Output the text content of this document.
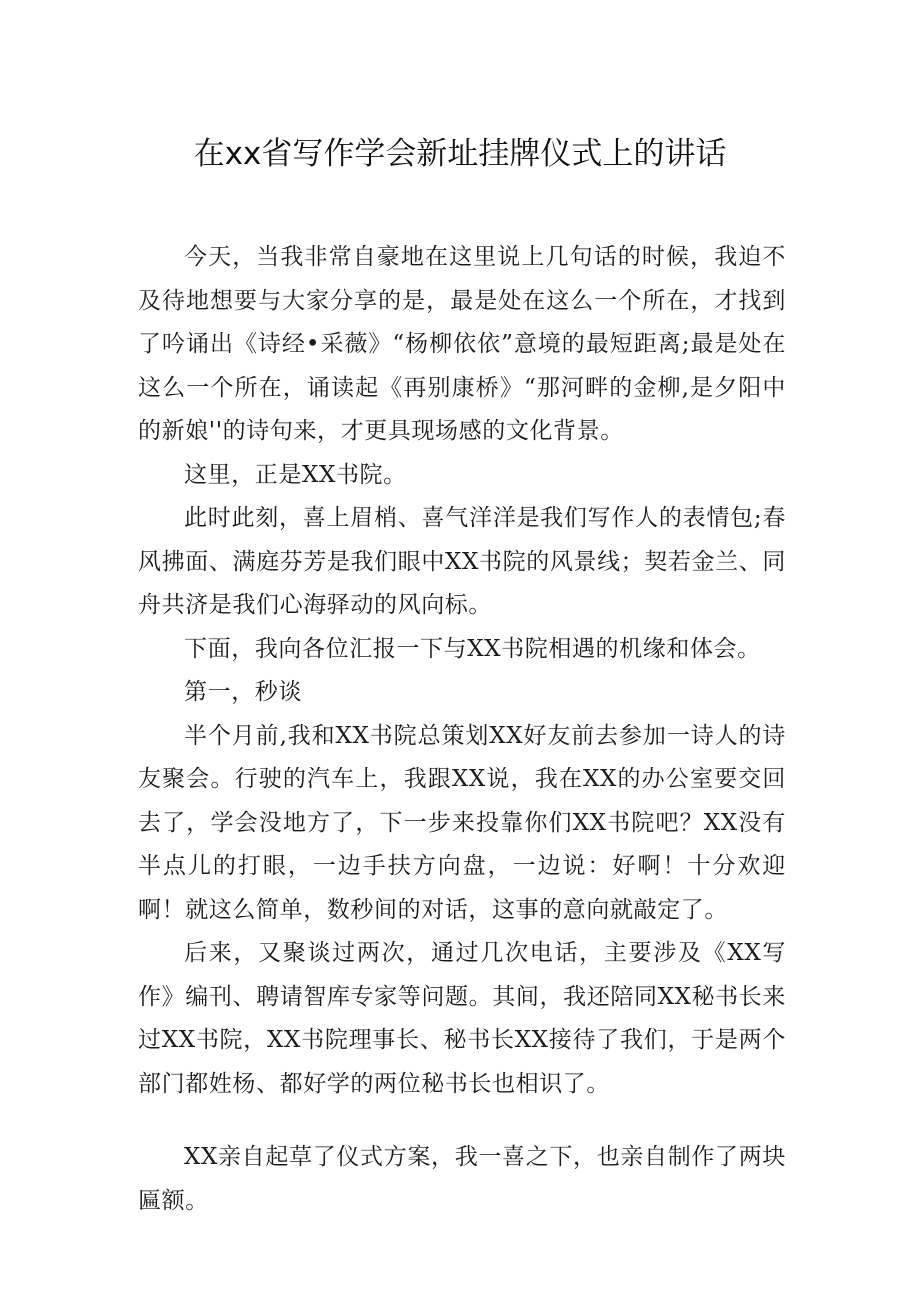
在xx省写作学会新址挂牌仪式上的讲话

今天，当我非常自豪地在这里说上几句话的时候，我迫不及待地想要与大家分享的是，最是处在这么一个所在，才找到了吟诵出《诗经•采薇》“杨柳依依”意境的最短距离;最是处在这么一个所在，诵读起《再别康桥》“那河畔的金柳,是夕阳中的新娘''的诗句来，才更具现场感的文化背景。

这里，正是XX书院。

此时此刻，喜上眉梢、喜气洋洋是我们写作人的表情包;春风拂面、满庭芬芳是我们眼中XX书院的风景线；契若金兰、同舟共济是我们心海驿动的风向标。

下面，我向各位汇报一下与XX书院相遇的机缘和体会。

第一，秒谈

半个月前,我和XX书院总策划XX好友前去参加一诗人的诗友聚会。行驶的汽车上，我跟XX说，我在XX的办公室要交回去了，学会没地方了，下一步来投靠你们XX书院吧？XX没有半点儿的打眼，一边手扶方向盘，一边说：好啊！十分欢迎啊！就这么简单，数秒间的对话，这事的意向就敲定了。

后来，又聚谈过两次，通过几次电话，主要涉及《XX写作》编刊、聘请智库专家等问题。其间，我还陪同XX秘书长来过XX书院，XX书院理事长、秘书长XX接待了我们，于是两个部门都姓杨、都好学的两位秘书长也相识了。

XX亲自起草了仪式方案，我一喜之下，也亲自制作了两块匾额。
